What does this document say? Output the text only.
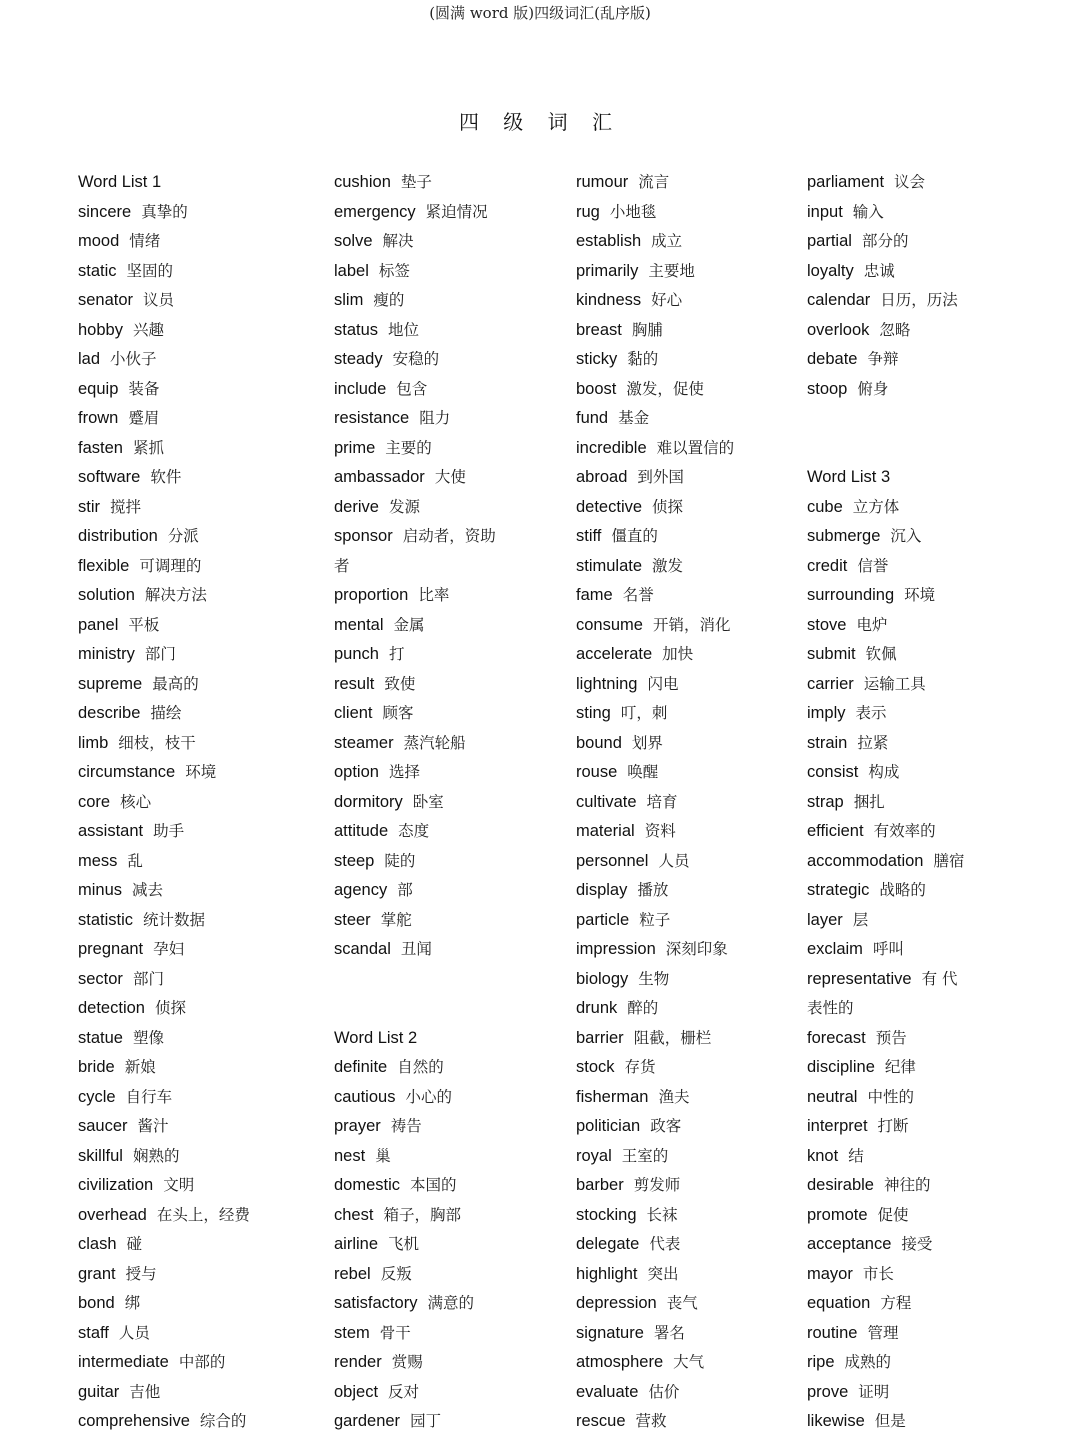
(圆满 word 版)四级词汇(乱序版)
四 级 词 汇
Word List 1
sincere 真挚的
mood 情绪
static 坚固的
senator 议员
hobby 兴趣
lad 小伙子
equip 装备
frown 蹙眉
fasten 紧抓
software 软件
stir 搅拌
distribution 分派
flexible 可调理的
solution 解决方法
panel 平板
ministry 部门
supreme 最高的
describe 描绘
limb 细枝，枝干
circumstance 环境
core 核心
assistant 助手
mess 乱
minus 减去
statistic 统计数据
pregnant 孕妇
sector 部门
detection 侦探
statue 塑像
bride 新娘
cycle 自行车
saucer 酱汁
skillful 娴熟的
civilization 文明
overhead 在头上，经费
clash 碰
grant 授与
bond 绑
staff 人员
intermediate 中部的
guitar 吉他
comprehensive 综合的
cushion 垫子
emergency 紧迫情况
solve 解决
label 标签
slim 瘦的
status 地位
steady 安稳的
include 包含
resistance 阻力
prime 主要的
ambassador 大使
derive 发源
sponsor 启动者，资助
者
proportion 比率
mental 金属
punch 打
result 致使
client 顾客
steamer 蒸汽轮船
option 选择
dormitory 卧室
attitude 态度
steep 陡的
agency 部
steer 掌舵
scandal 丑闻
Word List 2
definite 自然的
cautious 小心的
prayer 祷告
nest 巢
domestic 本国的
chest 箱子，胸部
airline 飞机
rebel 反叛
satisfactory 满意的
stem 骨干
render 赏赐
object 反对
gardener 园丁
rumour 流言
rug 小地毯
establish 成立
primarily 主要地
kindness 好心
breast 胸脯
sticky 黏的
boost 激发，促使
fund 基金
incredible 难以置信的
abroad 到外国
detective 侦探
stiff 僵直的
stimulate 激发
fame 名誉
consume 开销，消化
accelerate 加快
lightning 闪电
sting 叮，刺
bound 划界
rouse 唤醒
cultivate 培育
material 资料
personnel 人员
display 播放
particle 粒子
impression 深刻印象
biology 生物
drunk 醉的
barrier 阻截，栅栏
stock 存货
fisherman 渔夫
politician 政客
royal 王室的
barber 剪发师
stocking 长袜
delegate 代表
highlight 突出
depression 丧气
signature 署名
atmosphere 大气
evaluate 估价
rescue 营救
parliament 议会
input 输入
partial 部分的
loyalty 忠诚
calendar 日历，历法
overlook 忽略
debate 争辩
stoop 俯身
Word List 3
cube 立方体
submerge 沉入
credit 信誉
surrounding 环境
stove 电炉
submit 钦佩
carrier 运输工具
imply 表示
strain 拉紧
consist 构成
strap 捆扎
efficient 有效率的
accommodation 膳宿
strategic 战略的
layer 层
exclaim 呼叫
representative 有 代
表性的
forecast 预告
discipline 纪律
neutral 中性的
interpret 打断
knot 结
desirable 神往的
promote 促使
acceptance 接受
mayor 市长
equation 方程
routine 管理
ripe 成熟的
prove 证明
likewise 但是
